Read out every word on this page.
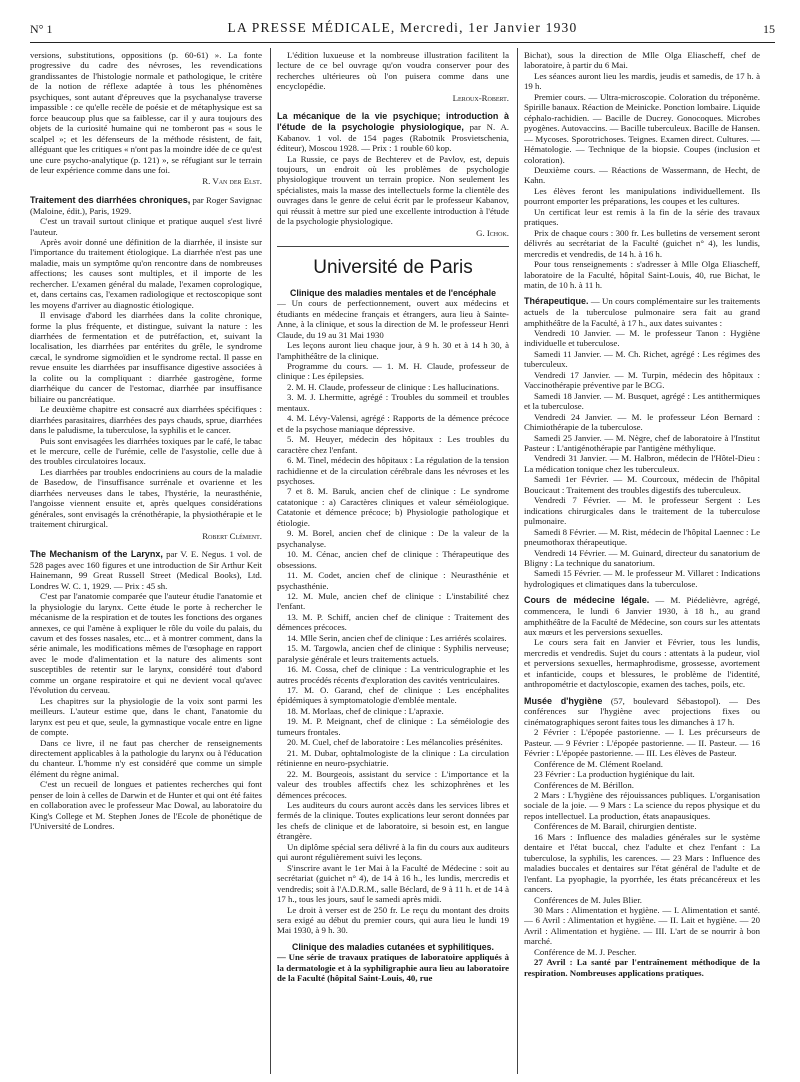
N° 1	LA PRESSE MÉDICALE, Mercredi, 1er Janvier 1930	15

versions, substitutions, oppositions (p. 60-61) ». La fonte progressive du cadre des névroses, les revendications grandissantes de l'histologie normale et pathologique, le critère de la notion de réflexe adaptée à tous les phénomènes psychiques, sont autant d'épreuves que la psychanalyse traverse impassible : ce qu'elle recèle de poésie et de métaphysique est sa force beaucoup plus que sa faiblesse, car il y aura toujours des objets de la curiosité humaine qui ne tomberont pas « sous le scalpel »; et les défenseurs de la méthode résistent, de fait, alléguant que les critiques « n'ont pas la moindre idée de ce qu'est une cure psycho-analytique (p. 121) », se réfugiant sur le terrain de leur expérience comme dans une foi.

R. Van der Elst.

Traitement des diarrhées chroniques, par Roger Savignac (Maloine, édit.), Paris, 1929.

C'est un travail surtout clinique et pratique auquel s'est livré l'auteur.

Après avoir donné une définition de la diarrhée, il insiste sur l'importance du traitement étiologique. La diarrhée n'est pas une maladie, mais un symptôme qu'on rencontre dans de nombreuses affections; les causes sont multiples, et il importe de les rechercher. L'examen général du malade, l'examen coprologique, et, dans certains cas, l'examen radiologique et rectoscopique sont les moyens d'arriver au diagnostic étiologique.

Il envisage d'abord les diarrhées dans la colite chronique, forme la plus fréquente, et distingue, suivant la nature : les diarrhées de fermentation et de putréfaction, et, suivant la localisation, les diarrhées par entérites du grêle, le syndrome cæcal, le syndrome sigmoïdien et le syndrome rectal. Il passe en revue ensuite les diarrhées par insuffisance digestive associées à la colite ou la compliquant : diarrhée gastrogène, forme diarrhéique du cancer de l'estomac, diarrhée par insuffisance biliaire ou pancréatique.

Le deuxième chapitre est consacré aux diarrhées spécifiques : diarrhées parasitaires, diarrhées des pays chauds, sprue, diarrhées dans le paludisme, la tuberculose, la syphilis et le cancer.

Puis sont envisagées les diarrhées toxiques par le café, le tabac et le mercure, celle de l'urémie, celle de l'asystolie, celle due à des troubles circulatoires locaux.

Les diarrhées par troubles endocriniens au cours de la maladie de Basedow, de l'insuffisance surrénale et ovarienne et les diarrhées nerveuses dans le tabes, l'hystérie, la neurasthénie, l'angoisse viennent ensuite et, après quelques considérations générales, sont envisagés la crénothérapie, la physiothérapie et le traitement chirurgical.

Robert Clément.

The Mechanism of the Larynx, par V. E. Negus. 1 vol. de 528 pages avec 160 figures et une introduction de Sir Arthur Keit Hainemann, 99 Great Russell Street (Medical Books), Ltd. Londres W. C. 1, 1929. — Prix : 45 sh.

C'est par l'anatomie comparée que l'auteur étudie l'anatomie et la physiologie du larynx. Cette étude le porte à rechercher le mécanisme de la respiration et de toutes les fonctions des organes annexes, ce qui l'amène à expliquer le rôle du voile du palais, du cavum et des fosses nasales, etc... et à montrer comment, dans la série animale, les modifications mêmes de l'œsophage en rapport avec le mode d'alimentation et la nature des aliments sont susceptibles de retentir sur le larynx, considéré tout d'abord comme un organe respiratoire et qui ne devient vocal qu'avec l'évolution du cerveau.

Les chapitres sur la physiologie de la voix sont parmi les meilleurs. L'auteur estime que, dans le chant, l'anatomie du larynx est peu et que, seule, la gymnastique vocale entre en ligne de compte.

Dans ce livre, il ne faut pas chercher de renseignements directement applicables à la pathologie du larynx ou à l'éducation du chanteur. L'homme n'y est considéré que comme un simple élément du règne animal.

C'est un recueil de longues et patientes recherches qui font penser de loin à celles de Darwin et de Hunter et qui ont été faites en collaboration avec le professeur Mac Dowal, au laboratoire du King's College et M. Stephen Jones de l'Ecole de phonétique de l'Université de Londres.

L'édition luxueuse et la nombreuse illustration facilitent la lecture de ce bel ouvrage qu'on voudra conserver pour des recherches ultérieures où l'on puisera comme dans une encyclopédie.

Leroux-Robert.

La mécanique de la vie psychique; introduction à l'étude de la psychologie physiologique, par N. A. Kabanov. 1 vol. de 154 pages (Rabotnik Prosvietschenia, éditeur), Moscou 1928. — Prix : 1 rouble 60 kop.

La Russie, ce pays de Bechterev et de Pavlov, est, depuis toujours, un endroit où les problèmes de psychologie physiologique trouvent un terrain propice. Non seulement les spécialistes, mais la masse des intellectuels forme la clientèle des ouvrages dans le genre de celui écrit par le professeur Kabanov, qui réussit à mettre sur pied une excellente introduction à l'étude de la psychologie physiologique.

G. Ichok.

Université de Paris

Clinique des maladies mentales et de l'encéphale

— Un cours de perfectionnement, ouvert aux médecins et étudiants en médecine français et étrangers, aura lieu à Sainte-Anne, à la clinique, et sous la direction de M. le professeur Henri Claude, du 19 au 31 Mai 1930

Les leçons auront lieu chaque jour, à 9 h. 30 et à 14 h 30, à l'amphithéâtre de la clinique.

Programme du cours. — 1. M. H. Claude, professeur de clinique : Les épilepsies.

2. M. H. Claude, professeur de clinique : Les hallucinations.

3. M. J. Lhermitte, agrégé : Troubles du sommeil et troubles mentaux.

4. M. Lévy-Valensi, agrégé : Rapports de la démence précoce et de la psychose maniaque dépressive.

5. M. Heuyer, médecin des hôpitaux : Les troubles du caractère chez l'enfant.

6. M. Tinel, médecin des hôpitaux : La régulation de la tension rachidienne et de la circulation cérébrale dans les névroses et les psychoses.

7 et 8. M. Baruk, ancien chef de clinique : Le syndrome catatonique : a) Caractères cliniques et valeur séméiologique. Catatonie et démence précoce; b) Physiologie pathologique et étiologie.

9. M. Borel, ancien chef de clinique : De la valeur de la psychanalyse.

10. M. Cénac, ancien chef de clinique : Thérapeutique des obsessions.

11. M. Codet, ancien chef de clinique : Neurasthénie et psychasthénie.

12. M. Mule, ancien chef de clinique : L'instabilité chez l'enfant.

13. M. P. Schiff, ancien chef de clinique : Traitement des démences précoces.

14. Mlle Serin, ancien chef de clinique : Les arriérés scolaires.

15. M. Targowla, ancien chef de clinique : Syphilis nerveuse; paralysie générale et leurs traitements actuels.

16. M. Cossa, chef de clinique : La ventriculographie et les autres procédés récents d'exploration des cavités ventriculaires.

17. M. O. Garand, chef de clinique : Les encéphalites épidémiques à symptomatologie d'emblée mentale.

18. M. Morlaas, chef de clinique : L'apraxie.

19. M. P. Meignant, chef de clinique : La séméiologie des tumeurs frontales.

20. M. Cuel, chef de laboratoire : Les mélancolies présénites.

21. M. Dubar, ophtalmologiste de la clinique : La circulation rétinienne en neuro-psychiatrie.

22. M. Bourgeois, assistant du service : L'importance et la valeur des troubles affectifs chez les schizophrènes et les démences précoces.

Les auditeurs du cours auront accès dans les services libres et fermés de la clinique. Toutes explications leur seront données par les chefs de clinique et de laboratoire, si besoin est, en langue étrangère.

Un diplôme spécial sera délivré à la fin du cours aux auditeurs qui auront régulièrement suivi les leçons.

S'inscrire avant le 1er Mai à la Faculté de Médecine : soit au secrétariat (guichet n° 4), de 14 à 16 h., les lundis, mercredis et vendredis; soit à l'A.D.R.M., salle Béclard, de 9 à 11 h. et de 14 à 17 h., tous les jours, sauf le samedi après midi.

Le droit à verser est de 250 fr. Le reçu du montant des droits sera exigé au début du premier cours, qui aura lieu le lundi 19 Mai 1930, à 9 h. 30.

Clinique des maladies cutanées et syphilitiques.

— Une série de travaux pratiques de laboratoire appliqués à la dermatologie et à la syphiligraphie aura lieu au laboratoire de la Faculté (hôpital Saint-Louis, 40, rue

Bichat), sous la direction de Mlle Olga Eliascheff, chef de laboratoire, à partir du 6 Mai.

Les séances auront lieu les mardis, jeudis et samedis, de 17 h. à 19 h.

Premier cours. — Ultra-microscopie. Coloration du tréponème. Spirille banaux. Réaction de Meinicke. Ponction lombaire. Liquide céphalo-rachidien. — Bacille de Ducrey. Gonocoques. Microbes pyogènes. Autovaccins. — Bacille tuberculeux. Bacille de Hansen. — Mycoses. Sporotrichoses. Teignes. Examen direct. Cultures. — Hématologie. — Technique de la biopsie. Coupes (inclusion et coloration).

Deuxième cours. — Réactions de Wassermann, de Hecht, de Kahn.

Les élèves feront les manipulations individuellement. Ils pourront emporter les préparations, les coupes et les cultures.

Un certificat leur est remis à la fin de la série des travaux pratiques.

Prix de chaque cours : 300 fr. Les bulletins de versement seront délivrés au secrétariat de la Faculté (guichet n° 4), les lundis, mercredis et vendredis, de 14 h. à 16 h.

Pour tous renseignements : s'adresser à Mlle Olga Eliascheff, laboratoire de la Faculté, hôpital Saint-Louis, 40, rue Bichat, le matin, de 10 h. à 11 h.

Thérapeutique. — Un cours complémentaire sur les traitements actuels de la tuberculose pulmonaire sera fait au grand amphithéâtre de la Faculté, à 17 h., aux dates suivantes :

Vendredi 10 Janvier. — M. le professeur Tanon : Hygiène individuelle et tuberculose.

Samedi 11 Janvier. — M. Ch. Richet, agrégé : Les régimes des tuberculeux.

Vendredi 17 Janvier. — M. Turpin, médecin des hôpitaux : Vaccinothérapie préventive par le BCG.

Samedi 18 Janvier. — M. Busquet, agrégé : Les antithermiques et la tuberculose.

Vendredi 24 Janvier. — M. le professeur Léon Bernard : Chimiothérapie de la tuberculose.

Samedi 25 Janvier. — M. Nègre, chef de laboratoire à l'Institut Pasteur : L'antigénothérapie par l'antigène méthylique.

Vendredi 31 Janvier. — M. Halbron, médecin de l'Hôtel-Dieu : La médication tonique chez les tuberculeux.

Samedi 1er Février. — M. Courcoux, médecin de l'hôpital Boucicaut : Traitement des troubles digestifs des tuberculeux.

Vendredi 7 Février. — M. le professeur Sergent : Les indications chirurgicales dans le traitement de la tuberculose pulmonaire.

Samedi 8 Février. — M. Rist, médecin de l'hôpital Laennec : Le pneumothorax thérapeutique.

Vendredi 14 Février. — M. Guinard, directeur du sanatorium de Bligny : La technique du sanatorium.

Samedi 15 Février. — M. le professeur M. Villaret : Indications hydrologiques et climatiques dans la tuberculose.

Cours de médecine légale. — M. Piédelièvre, agrégé, commencera, le lundi 6 Janvier 1930, à 18 h., au grand amphithéâtre de la Faculté de Médecine, son cours sur les attentats aux mœurs et les perversions sexuelles.

Le cours sera fait en Janvier et Février, tous les lundis, mercredis et vendredis. Sujet du cours : attentats à la pudeur, viol et perversions sexuelles, hermaphrodisme, grossesse, avortement et infanticide, coups et blessures, le problème de l'identité, anthropométrie et dactyloscopie, examen des taches, poils, etc.

Musée d'hygiène (57, boulevard Sébastopol). — Des conférences sur l'hygiène avec projections fixes ou cinématographiques seront faites tous les dimanches à 17 h.

2 Février : L'épopée pastorienne. — I. Les précurseurs de Pasteur. — 9 Février : L'épopée pastorienne. — II. Pasteur. — 16 Février : L'épopée pastorienne. — III. Les élèves de Pasteur.

Conférence de M. Clément Roeland.

23 Février : La production hygiénique du lait.

Conférences de M. Bérillon.

2 Mars : L'hygiène des réjouissances publiques. L'organisation sociale de la joie. — 9 Mars : La science du repos physique et du repos intellectuel. La production, états anapausiques.

Conférences de M. Barail, chirurgien dentiste.

16 Mars : Influence des maladies générales sur le système dentaire et l'état buccal, chez l'adulte et chez l'enfant : La tuberculose, la syphilis, les carences. — 23 Mars : Influence des maladies buccales et dentaires sur l'état général de l'adulte et de l'enfant. La pyophagie, la pyorrhée, les états précancéreux et les cancers.

Conférences de M. Jules Blier.

30 Mars : Alimentation et hygiène. — I. Alimentation et santé. — 6 Avril : Alimentation et hygiène. — II. Lait et hygiène. — 20 Avril : Alimentation et hygiène. — III. L'art de se nourrir à bon marché.

Conférence de M. J. Pescher.

27 Avril : La santé par l'entraînement méthodique de la respiration. Nombreuses applications pratiques.
